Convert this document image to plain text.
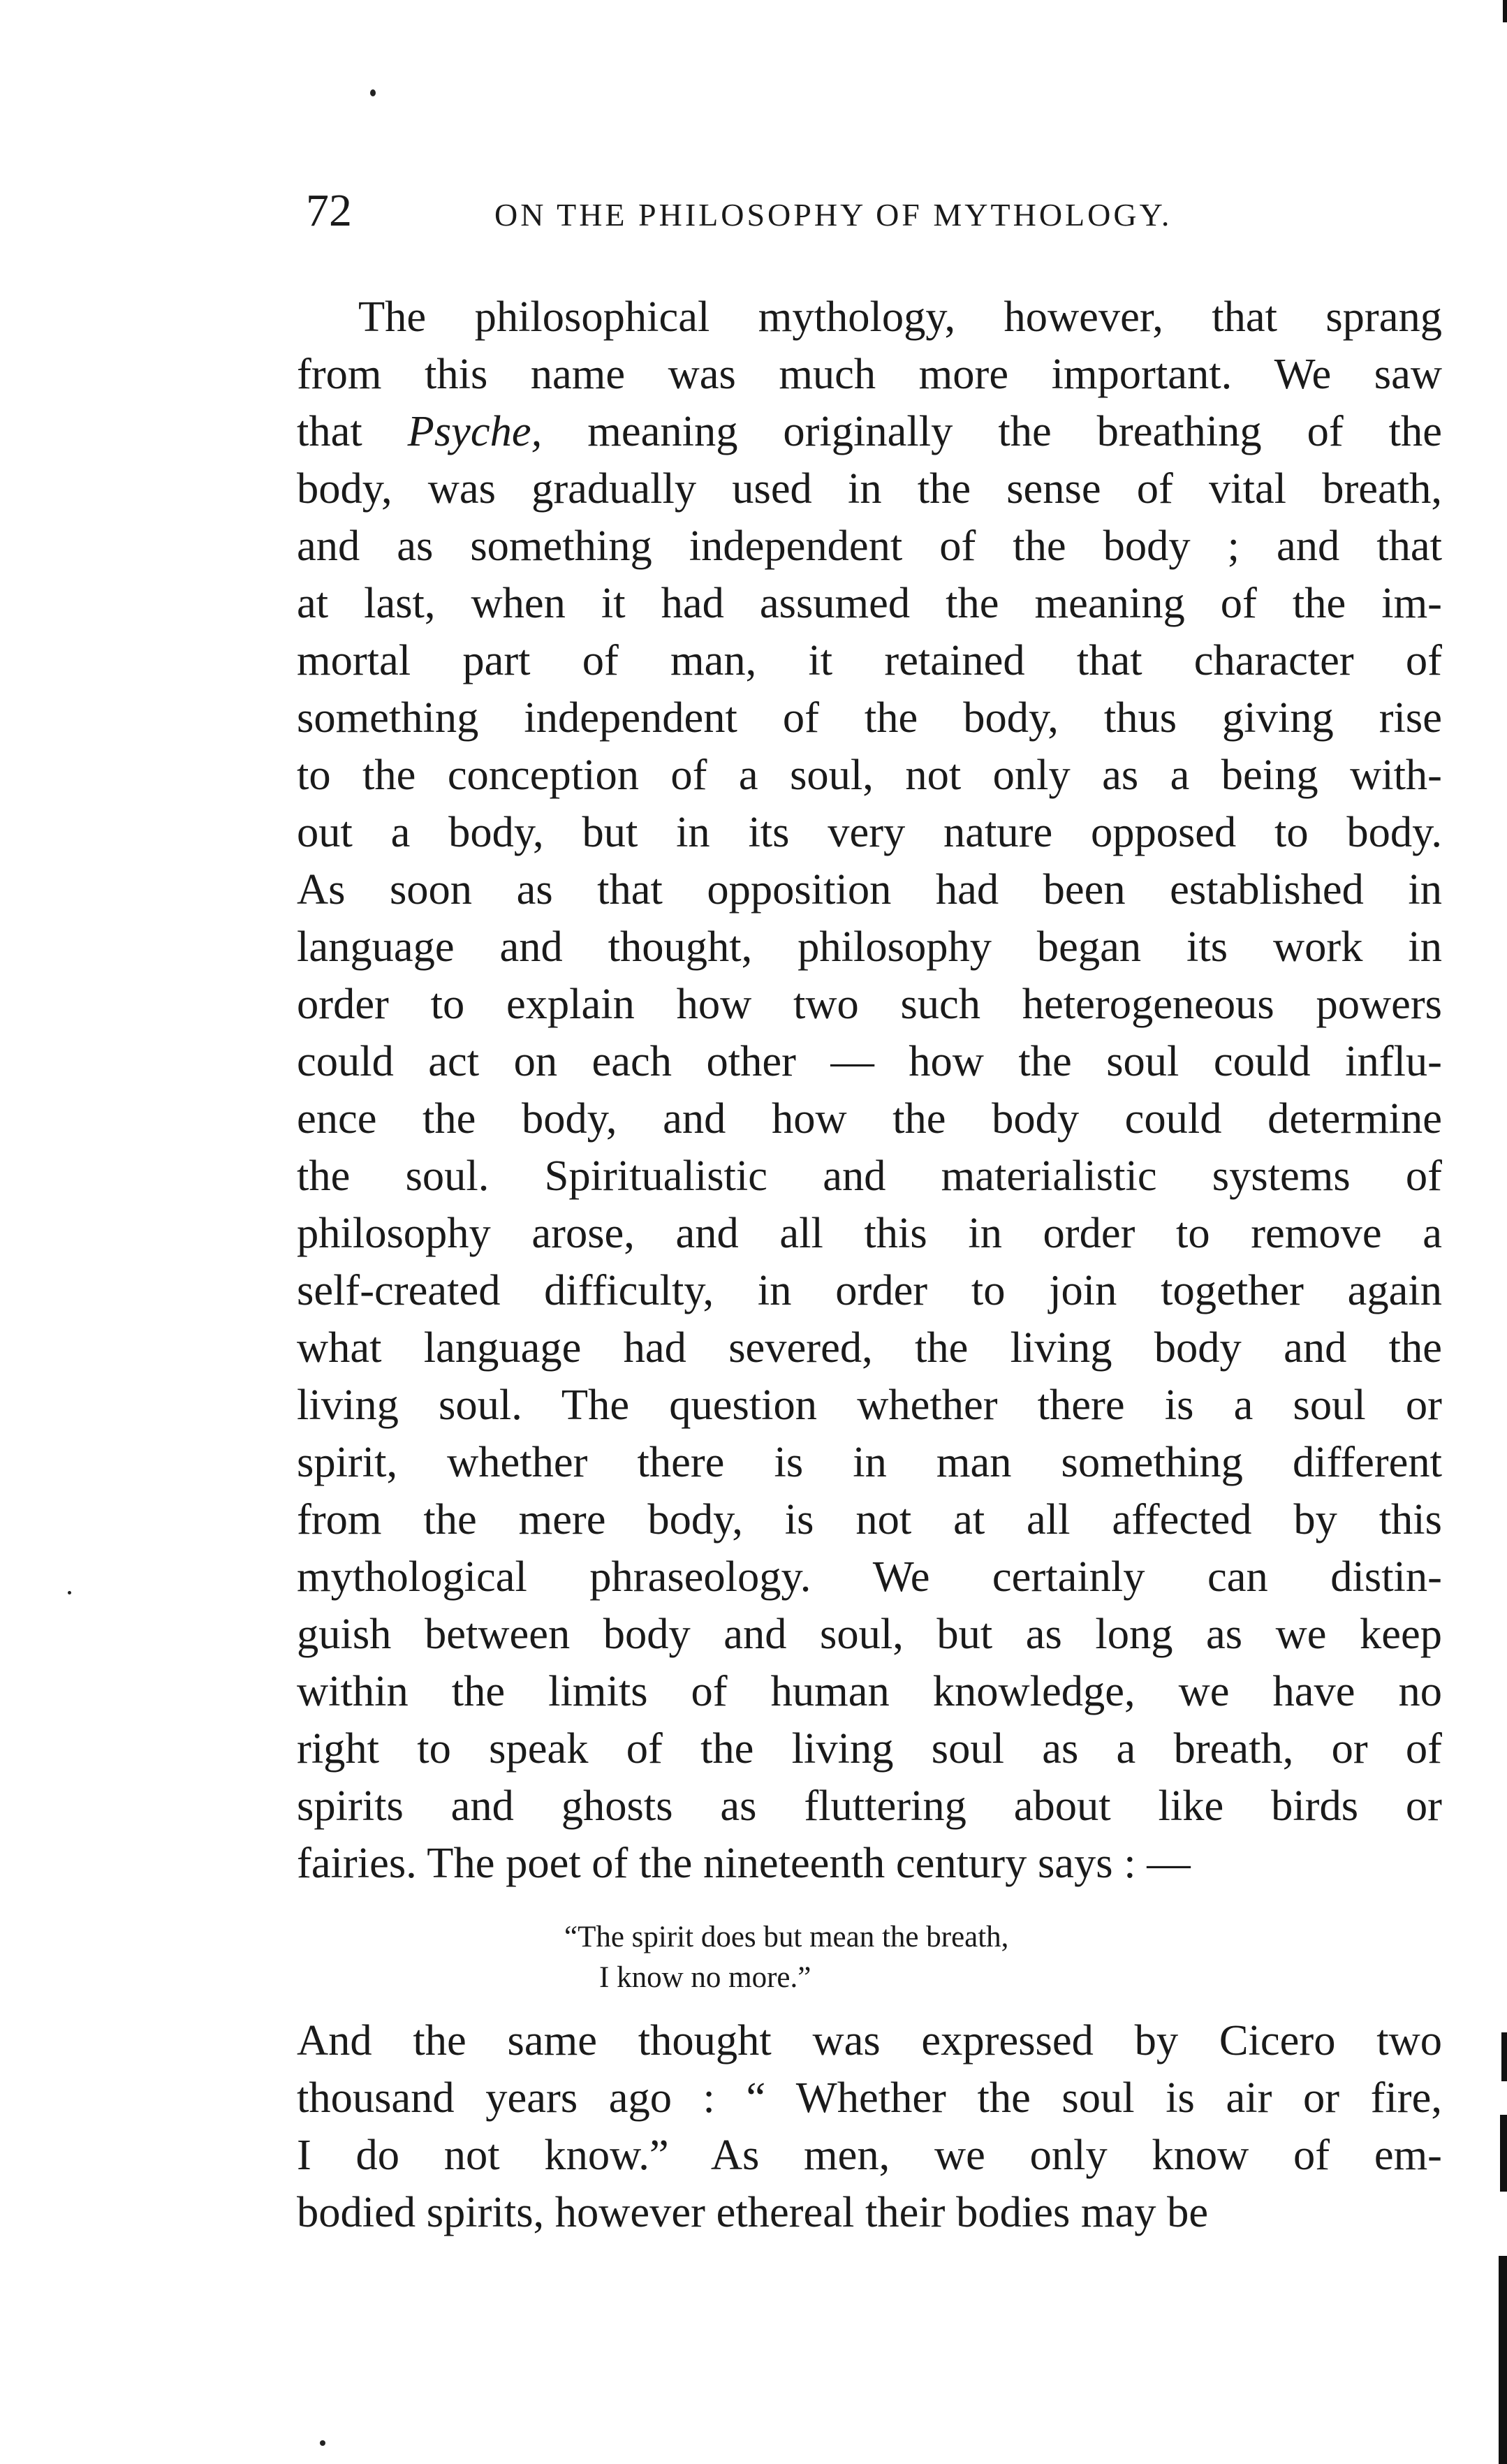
72	ON THE PHILOSOPHY OF MYTHOLOGY.
The philosophical mythology, however, that sprang
from this name was much more important. We saw
that Psyche, meaning originally the breathing of the
body, was gradually used in the sense of vital breath,
and as something independent of the body ; and that
at last, when it had assumed the meaning of the im-
mortal part of man, it retained that character of
something independent of the body, thus giving rise
to the conception of a soul, not only as a being with-
out a body, but in its very nature opposed to body.
As soon as that opposition had been established in
language and thought, philosophy began its work in
order to explain how two such heterogeneous powers
could act on each other — how the soul could influ-
ence the body, and how the body could determine
the soul. Spiritualistic and materialistic systems of
philosophy arose, and all this in order to remove a
self-created difficulty, in order to join together again
what language had severed, the living body and the
living soul. The question whether there is a soul or
spirit, whether there is in man something different
from the mere body, is not at all affected by this
mythological phraseology. We certainly can distin-
guish between body and soul, but as long as we keep
within the limits of human knowledge, we have no
right to speak of the living soul as a breath, or of
spirits and ghosts as fluttering about like birds or
fairies. The poet of the nineteenth century says : —
“The spirit does but mean the breath,
I know no more.”
And the same thought was expressed by Cicero two
thousand years ago : “ Whether the soul is air or fire,
I do not know.” As men, we only know of em-
bodied spirits, however ethereal their bodies may be
